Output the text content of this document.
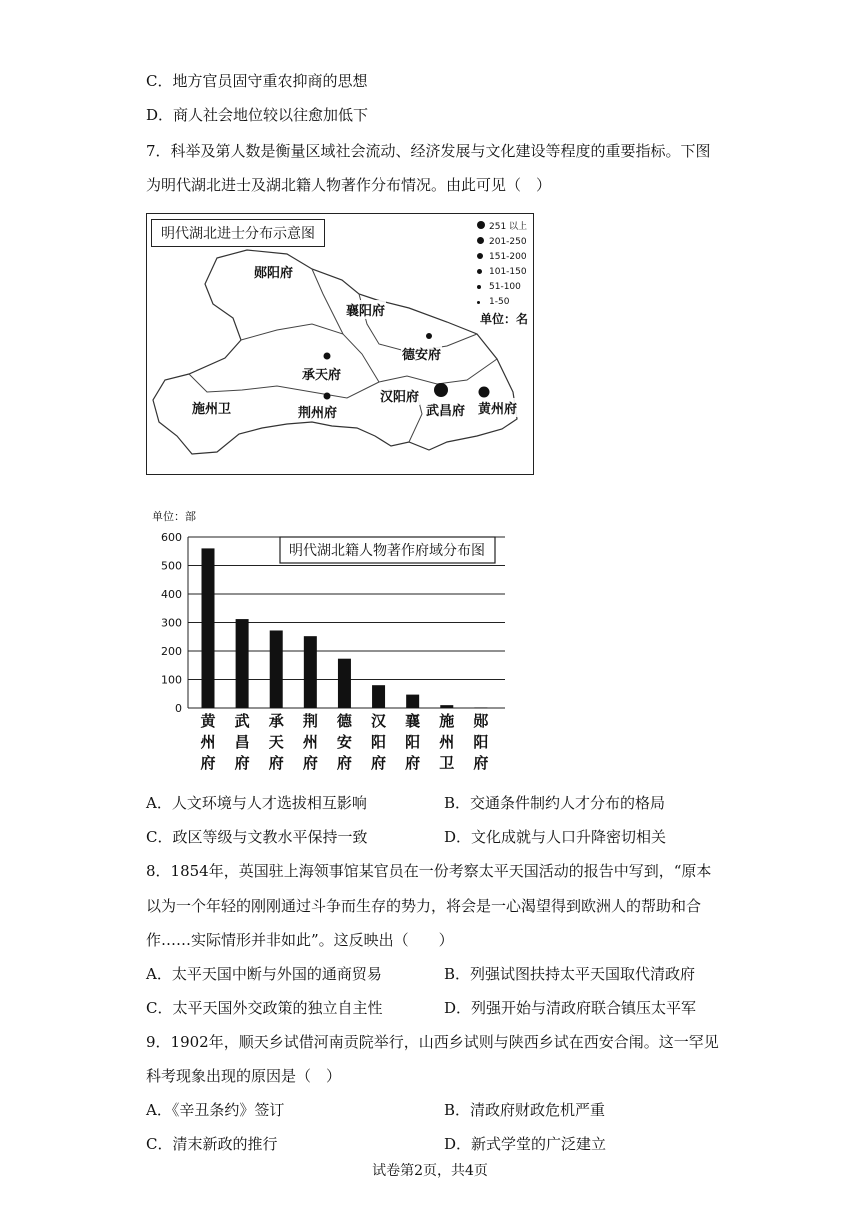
C．地方官员固守重农抑商的思想
D．商人社会地位较以往愈加低下
7．科举及第人数是衡量区域社会流动、经济发展与文化建设等程度的重要指标。下图
为明代湖北进士及湖北籍人物著作分布情况。由此可见（　）
明代湖北进士分布示意图	251 以上
201-250
151-200
101-150
51-100
1-50
单位：名
郧阳府
襄阳府
德安府
承天府
汉阳府
武昌府 黄州府
施州卫	荆州府
单位：部
0
100
200
300
400
500
600
黄州府
武昌府
承天府
荆州府
德安府
汉阳府
襄阳府
施州卫
郧阳府
明代湖北籍人物著作府域分布图
A．人文环境与人才选拔相互影响	B．交通条件制约人才分布的格局
C．政区等级与文教水平保持一致	D．文化成就与人口升降密切相关
8．1854年，英国驻上海领事馆某官员在一份考察太平天国活动的报告中写到，“原本
以为一个年轻的刚刚通过斗争而生存的势力，将会是一心渴望得到欧洲人的帮助和合
作……实际情形并非如此”。这反映出（　　）
A．太平天国中断与外国的通商贸易	B．列强试图扶持太平天国取代清政府
C．太平天国外交政策的独立自主性	D．列强开始与清政府联合镇压太平军
9．1902年，顺天乡试借河南贡院举行，山西乡试则与陕西乡试在西安合闱。这一罕见
科考现象出现的原因是（　）
A．《辛丑条约》签订	B．清政府财政危机严重
C．清末新政的推行	D．新式学堂的广泛建立
试卷第2页，共4页
